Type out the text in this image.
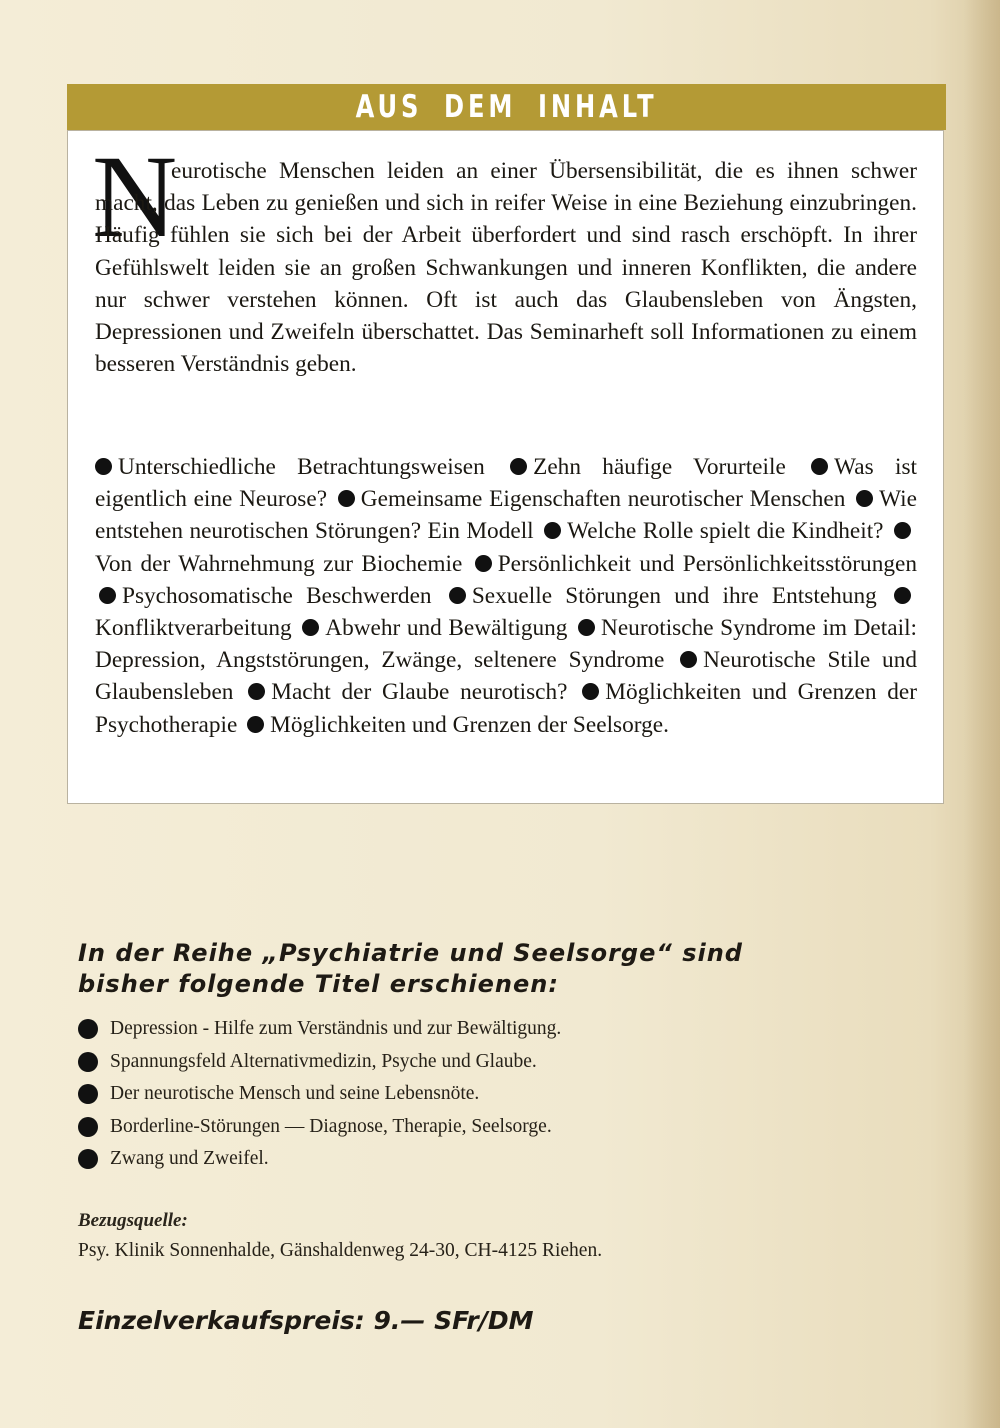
AUS DEM INHALT
N

eurotische Menschen leiden an einer Übersensibilität, die es ihnen schwer macht, das Leben zu genießen und sich in reifer Weise in eine Beziehung einzubringen. Häufig fühlen sie sich bei der Arbeit überfordert und sind rasch erschöpft. In ihrer Gefühlswelt leiden sie an großen Schwankungen und inneren Konflikten, die andere nur schwer verstehen können. Oft ist auch das Glaubensleben von Ängsten, Depressionen und Zweifeln überschattet. Das Seminarheft soll Informationen zu einem besseren Verständnis geben.

Unterschiedliche Betrachtungsweisen Zehn häufige Vorurteile Was ist eigentlich eine Neurose? Gemeinsame Eigenschaften neurotischer Menschen Wie entstehen neurotischen Störungen? Ein Modell Welche Rolle spielt die Kindheit? Von der Wahrnehmung zur Biochemie Persönlichkeit und Persönlichkeitsstörungen Psychosomatische Beschwerden Sexuelle Störungen und ihre Entstehung Konfliktverarbeitung Abwehr und Bewältigung Neurotische Syndrome im Detail: Depression, Angststörungen, Zwänge, seltenere Syndrome Neurotische Stile und Glaubensleben Macht der Glaube neurotisch? Möglichkeiten und Grenzen der Psychotherapie Möglichkeiten und Grenzen der Seelsorge.

In der Reihe „Psychiatrie und Seelsorge“ sind bisher folgende Titel erschienen:
Depression - Hilfe zum Verständnis und zur Bewältigung.
Spannungsfeld Alternativmedizin, Psyche und Glaube.
Der neurotische Mensch und seine Lebensnöte.
Borderline-Störungen — Diagnose, Therapie, Seelsorge.
Zwang und Zweifel.
Bezugsquelle:
Psy. Klinik Sonnenhalde, Gänshaldenweg 24-30, CH-4125 Riehen.
Einzelverkaufspreis: 9.— SFr/DM
